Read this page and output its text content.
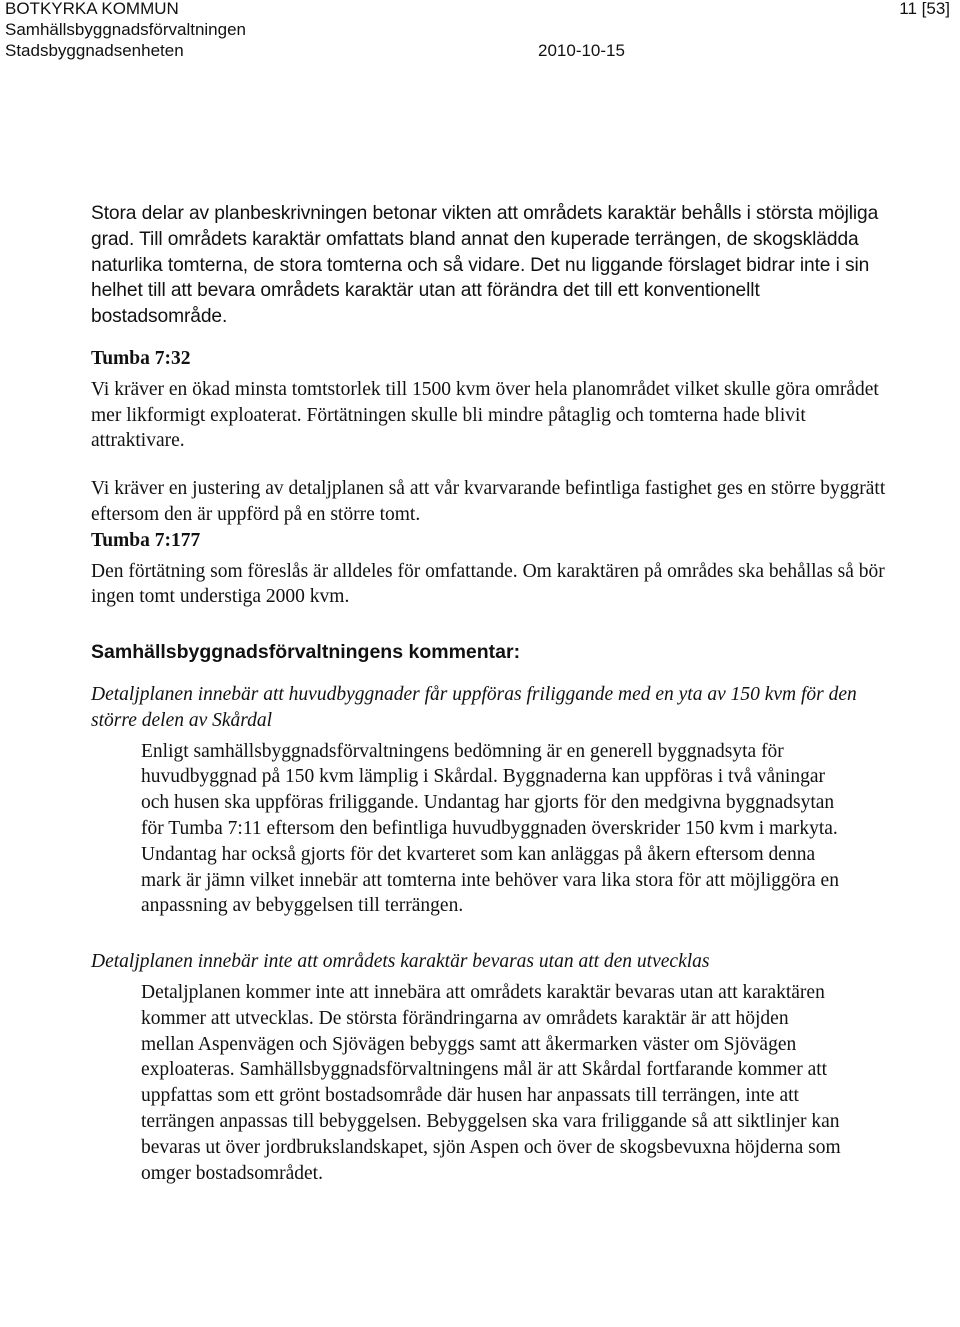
BOTKYRKA KOMMUN
Samhällsbyggnadsförvaltningen
Stadsbyggnadsenheten
11 [53]
2010-10-15

Stora delar av planbeskrivningen betonar vikten att områdets karaktär behålls i största möjliga grad. Till områdets karaktär omfattats bland annat den kuperade terrängen, de skogsklädda naturlika tomterna, de stora tomterna och så vidare. Det nu liggande förslaget bidrar inte i sin helhet till att bevara områdets karaktär utan att förändra det till ett konventionellt bostadsområde.

Tumba 7:32

Vi kräver en ökad minsta tomtstorlek till 1500 kvm över hela planområdet vilket skulle göra området mer likformigt exploaterat. Förtätningen skulle bli mindre påtaglig och tomterna hade blivit attraktivare.

Vi kräver en justering av detaljplanen så att vår kvarvarande befintliga fastighet ges en större byggrätt eftersom den är uppförd på en större tomt.

Tumba 7:177

Den förtätning som föreslås är alldeles för omfattande. Om karaktären på områdes ska behållas så bör ingen tomt understiga 2000 kvm.

Samhällsbyggnadsförvaltningens kommentar:

Detaljplanen innebär att huvudbyggnader får uppföras friliggande med en yta av 150 kvm för den större delen av Skårdal

Enligt samhällsbyggnadsförvaltningens bedömning är en generell byggnadsyta för huvudbyggnad på 150 kvm lämplig i Skårdal. Byggnaderna kan uppföras i två våningar och husen ska uppföras friliggande. Undantag har gjorts för den medgivna byggnadsytan för Tumba 7:11 eftersom den befintliga huvudbyggnaden överskrider 150 kvm i markyta. Undantag har också gjorts för det kvarteret som kan anläggas på åkern eftersom denna mark är jämn vilket innebär att tomterna inte behöver vara lika stora för att möjliggöra en anpassning av bebyggelsen till terrängen.

Detaljplanen innebär inte att områdets karaktär bevaras utan att den utvecklas

Detaljplanen kommer inte att innebära att områdets karaktär bevaras utan att karaktären kommer att utvecklas. De största förändringarna av områdets karaktär är att höjden mellan Aspenvägen och Sjövägen bebyggs samt att åkermarken väster om Sjövägen exploateras. Samhällsbyggnadsförvaltningens mål är att Skårdal fortfarande kommer att uppfattas som ett grönt bostadsområde där husen har anpassats till terrängen, inte att terrängen anpassas till bebyggelsen. Bebyggelsen ska vara friliggande så att siktlinjer kan bevaras ut över jordbrukslandskapet, sjön Aspen och över de skogsbevuxna höjderna som omger bostadsområdet.
